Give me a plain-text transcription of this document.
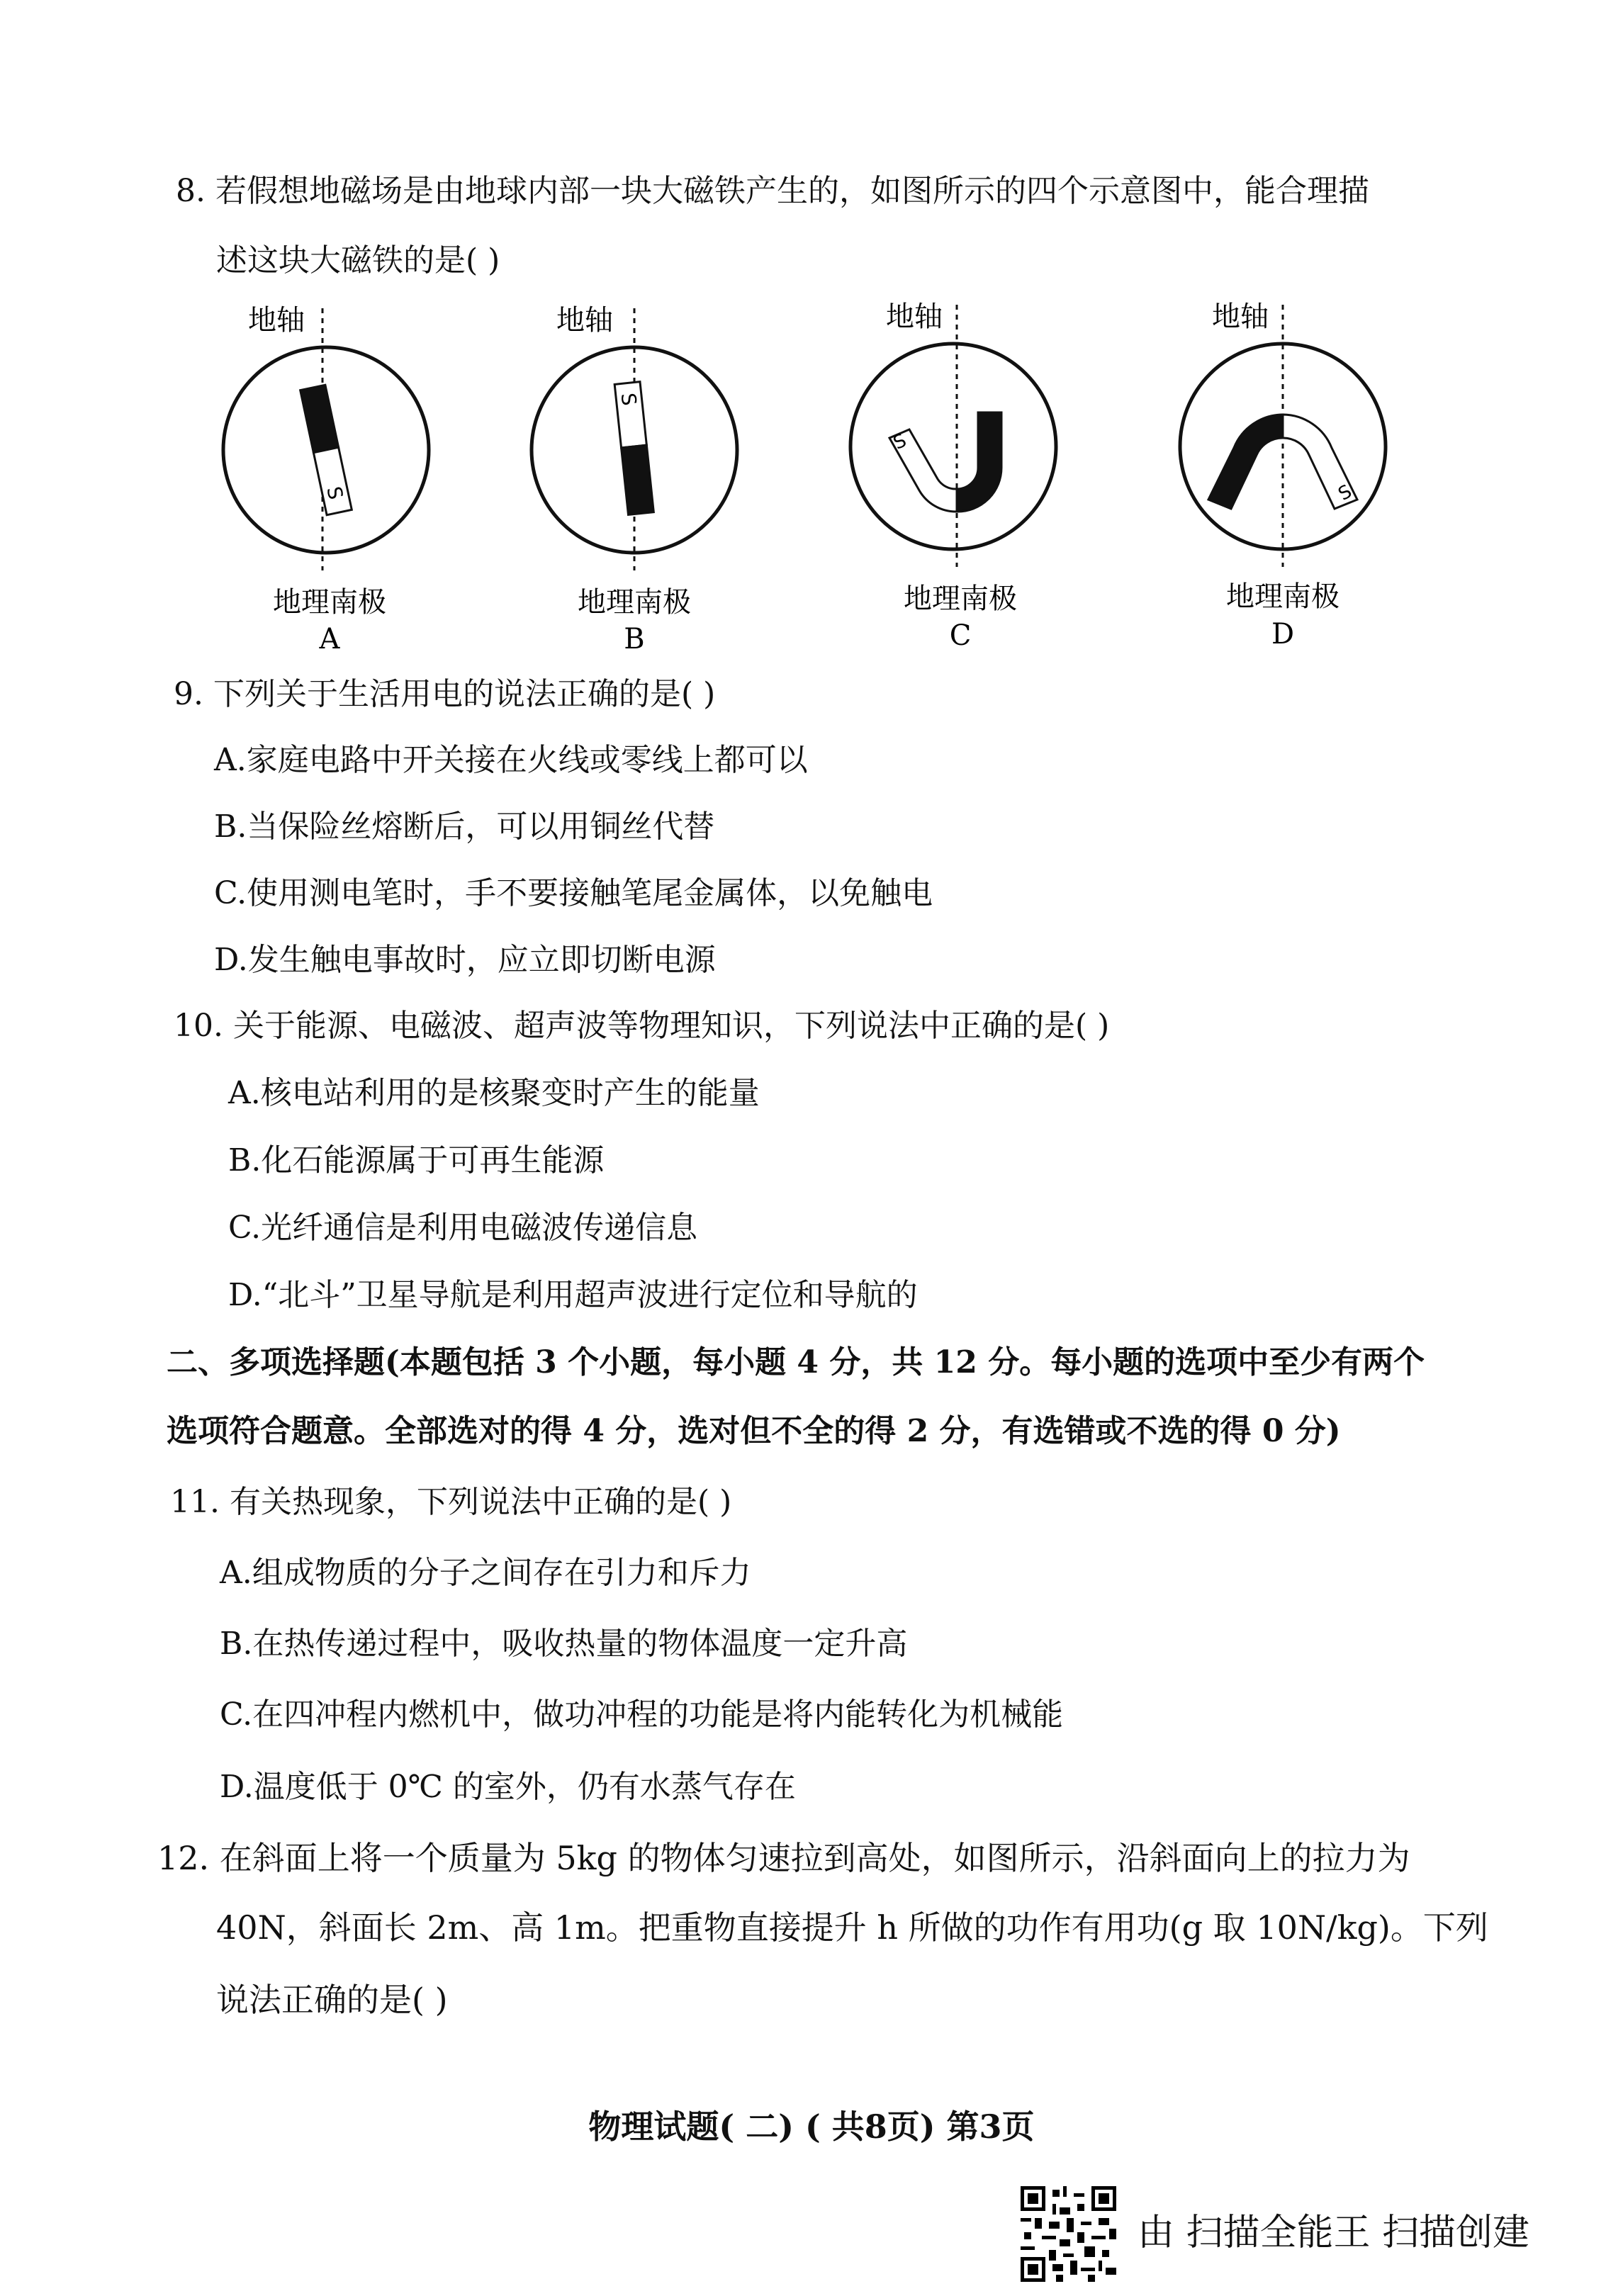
8. 若假想地磁场是由地球内部一块大磁铁产生的，如图所示的四个示意图中，能合理描
述这块大磁铁的是( )
地轴
S
地理南极
A
地轴
S
地理南极
B
地轴
S
地理南极
C
地轴
S
地理南极
D
9. 下列关于生活用电的说法正确的是( )
A.家庭电路中开关接在火线或零线上都可以
B.当保险丝熔断后，可以用铜丝代替
C.使用测电笔时，手不要接触笔尾金属体，以免触电
D.发生触电事故时，应立即切断电源
10. 关于能源、电磁波、超声波等物理知识，下列说法中正确的是( )
A.核电站利用的是核聚变时产生的能量
B.化石能源属于可再生能源
C.光纤通信是利用电磁波传递信息
D.“北斗”卫星导航是利用超声波进行定位和导航的
二、多项选择题(本题包括 3 个小题，每小题 4 分，共 12 分。每小题的选项中至少有两个
选项符合题意。全部选对的得 4 分，选对但不全的得 2 分，有选错或不选的得 0 分)
11. 有关热现象，下列说法中正确的是( )
A.组成物质的分子之间存在引力和斥力
B.在热传递过程中，吸收热量的物体温度一定升高
C.在四冲程内燃机中，做功冲程的功能是将内能转化为机械能
D.温度低于 0℃ 的室外，仍有水蒸气存在
12. 在斜面上将一个质量为 5kg 的物体匀速拉到高处，如图所示，沿斜面向上的拉力为
40N，斜面长 2m、高 1m。把重物直接提升 h 所做的功作有用功(g 取 10N/kg)。下列
说法正确的是( )
物理试题( 二) ( 共8页) 第3页
由 扫描全能王 扫描创建
